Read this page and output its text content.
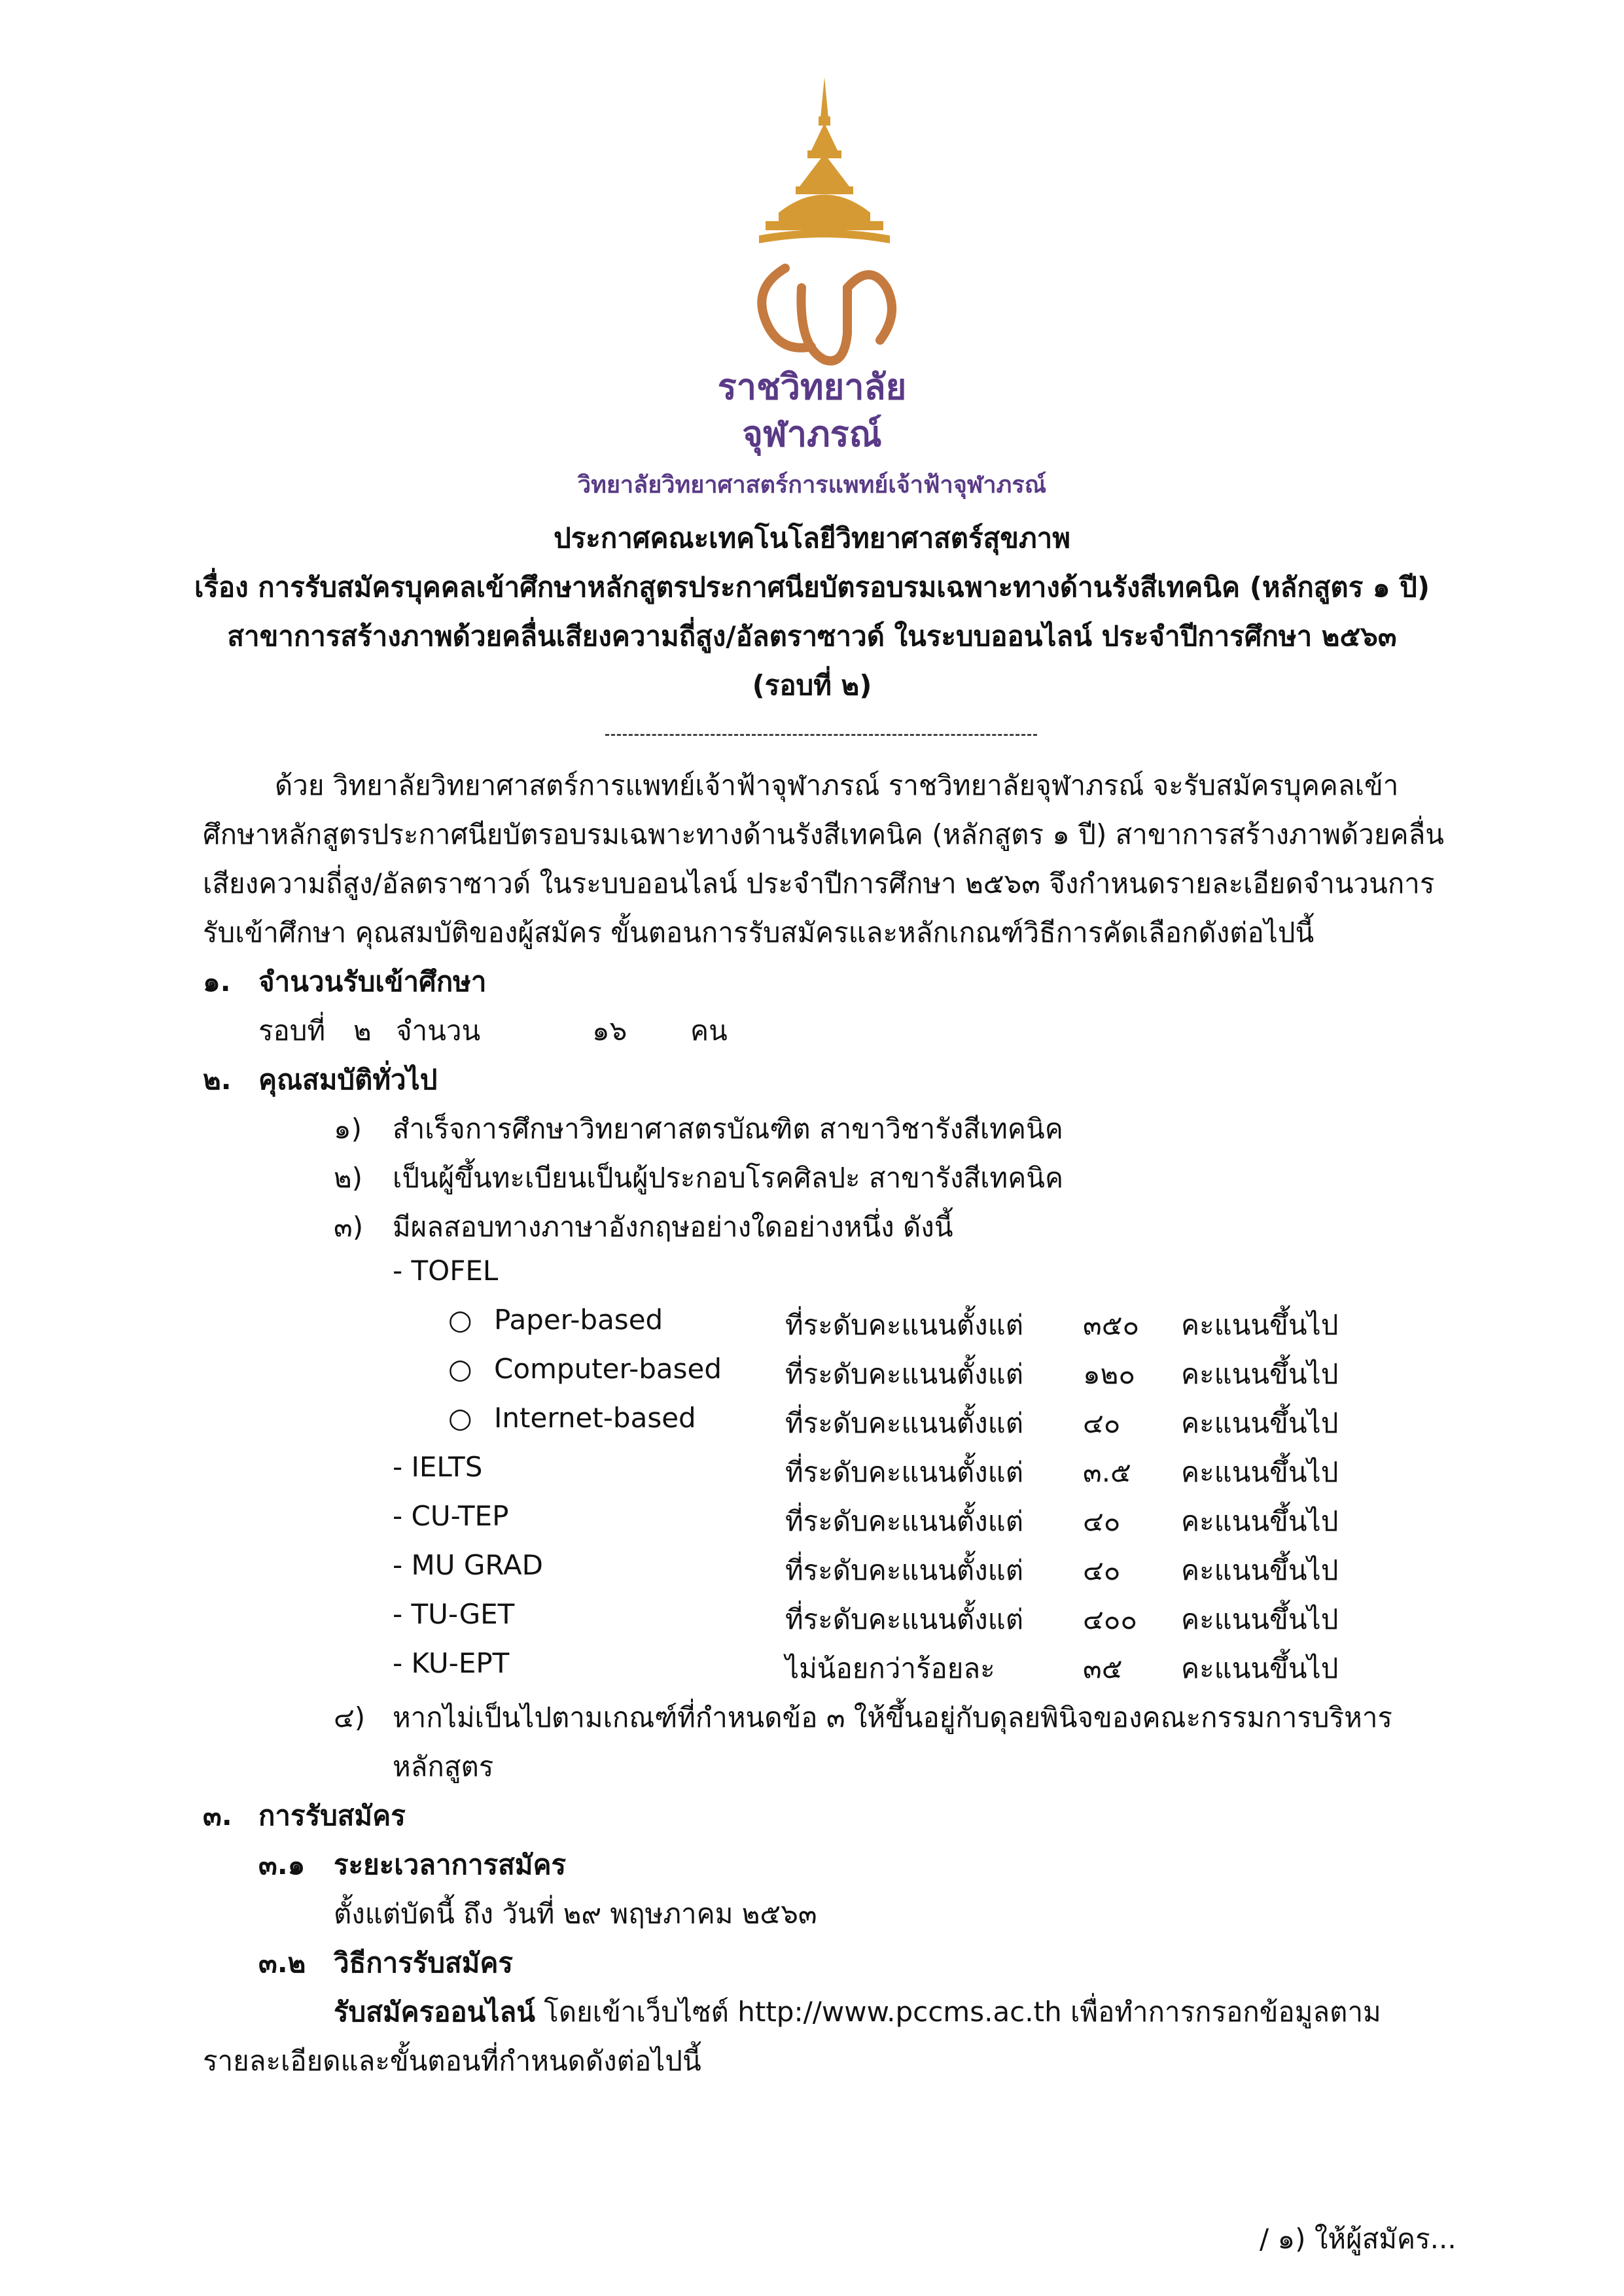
ราชวิทยาลัย
จุฬาภรณ์
วิทยาลัยวิทยาศาสตร์การแพทย์เจ้าฟ้าจุฬาภรณ์
ประกาศคณะเทคโนโลยีวิทยาศาสตร์สุขภาพ
เรื่อง การรับสมัครบุคคลเข้าศึกษาหลักสูตรประกาศนียบัตรอบรมเฉพาะทางด้านรังสีเทคนิค (หลักสูตร ๑ ปี)
สาขาการสร้างภาพด้วยคลื่นเสียงความถี่สูง/อัลตราซาวด์ ในระบบออนไลน์ ประจำปีการศึกษา ๒๕๖๓
(รอบที่ ๒)
ด้วย วิทยาลัยวิทยาศาสตร์การแพทย์เจ้าฟ้าจุฬาภรณ์ ราชวิทยาลัยจุฬาภรณ์ จะรับสมัครบุคคลเข้า
ศึกษาหลักสูตรประกาศนียบัตรอบรมเฉพาะทางด้านรังสีเทคนิค (หลักสูตร ๑ ปี) สาขาการสร้างภาพด้วยคลื่น
เสียงความถี่สูง/อัลตราซาวด์ ในระบบออนไลน์ ประจำปีการศึกษา ๒๕๖๓ จึงกำหนดรายละเอียดจำนวนการ
รับเข้าศึกษา คุณสมบัติของผู้สมัคร ขั้นตอนการรับสมัครและหลักเกณฑ์วิธีการคัดเลือกดังต่อไปนี้
๑. จำนวนรับเข้าศึกษา
รอบที่ ๒ จำนวน	๑๖ คน
๒. คุณสมบัติทั่วไป
๑) สำเร็จการศึกษาวิทยาศาสตรบัณฑิต สาขาวิชารังสีเทคนิค
๒) เป็นผู้ขึ้นทะเบียนเป็นผู้ประกอบโรคศิลปะ สาขารังสีเทคนิค
๓) มีผลสอบทางภาษาอังกฤษอย่างใดอย่างหนึ่ง ดังนี้
- TOFEL
○ Paper-based	ที่ระดับคะแนนตั้งแต่ ๓๕๐ คะแนนขึ้นไป
○ Computer-based ที่ระดับคะแนนตั้งแต่ ๑๒๐ คะแนนขึ้นไป
○ Internet-based	ที่ระดับคะแนนตั้งแต่ ๔๐ คะแนนขึ้นไป
- IELTS	ที่ระดับคะแนนตั้งแต่ ๓.๕ คะแนนขึ้นไป
- CU-TEP	ที่ระดับคะแนนตั้งแต่ ๔๐ คะแนนขึ้นไป
- MU GRAD	ที่ระดับคะแนนตั้งแต่ ๔๐ คะแนนขึ้นไป
- TU-GET	ที่ระดับคะแนนตั้งแต่ ๔๐๐ คะแนนขึ้นไป
- KU-EPT	ไม่น้อยกว่าร้อยละ	๓๕ คะแนนขึ้นไป
๔) หากไม่เป็นไปตามเกณฑ์ที่กำหนดข้อ ๓ ให้ขึ้นอยู่กับดุลยพินิจของคณะกรรมการบริหาร
หลักสูตร
๓. การรับสมัคร
๓.๑ ระยะเวลาการสมัคร
ตั้งแต่บัดนี้ ถึง วันที่ ๒๙ พฤษภาคม ๒๕๖๓
๓.๒ วิธีการรับสมัคร
รับสมัครออนไลน์ โดยเข้าเว็บไซต์ http://www.pccms.ac.th เพื่อทำการกรอกข้อมูลตาม
รายละเอียดและขั้นตอนที่กำหนดดังต่อไปนี้
/ ๑) ให้ผู้สมัคร...
